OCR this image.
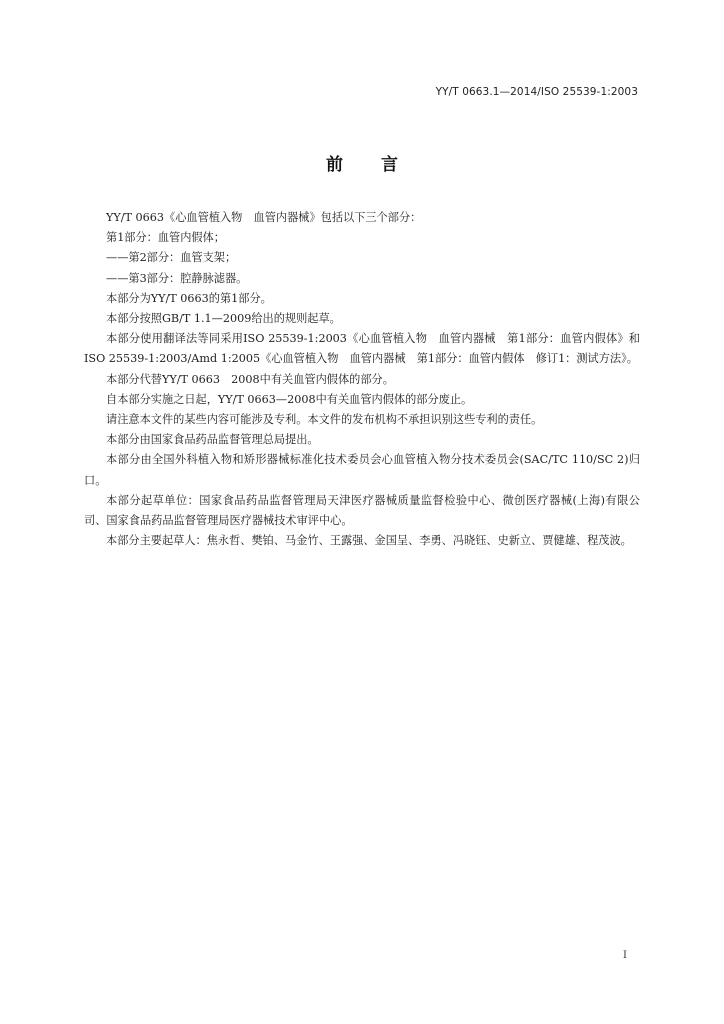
YY/T 0663.1—2014/ISO 25539-1:2003
前言

YY/T 0663《心血管植入物　血管内器械》包括以下三个部分：

第1部分：血管内假体；

——第2部分：血管支架；

——第3部分：腔静脉滤器。

本部分为YY/T 0663的第1部分。

本部分按照GB/T 1.1—2009给出的规则起草。

本部分使用翻译法等同采用ISO 25539-1:2003《心血管植入物　血管内器械　第1部分：血管内假体》和ISO 25539-1:2003/Amd 1:2005《心血管植入物　血管内器械　第1部分：血管内假体　修订1：测试方法》。

本部分代替YY/T 0663　2008中有关血管内假体的部分。

自本部分实施之日起，YY/T 0663—2008中有关血管内假体的部分废止。

请注意本文件的某些内容可能涉及专利。本文件的发布机构不承担识别这些专利的责任。

本部分由国家食品药品监督管理总局提出。

本部分由全国外科植入物和矫形器械标准化技术委员会心血管植入物分技术委员会(SAC/TC 110/SC 2)归口。

本部分起草单位：国家食品药品监督管理局天津医疗器械质量监督检验中心、微创医疗器械(上海)有限公司、国家食品药品监督管理局医疗器械技术审评中心。

本部分主要起草人：焦永哲、樊铂、马金竹、王露强、金国呈、李勇、冯晓钰、史新立、贾健雄、程茂波。

I
